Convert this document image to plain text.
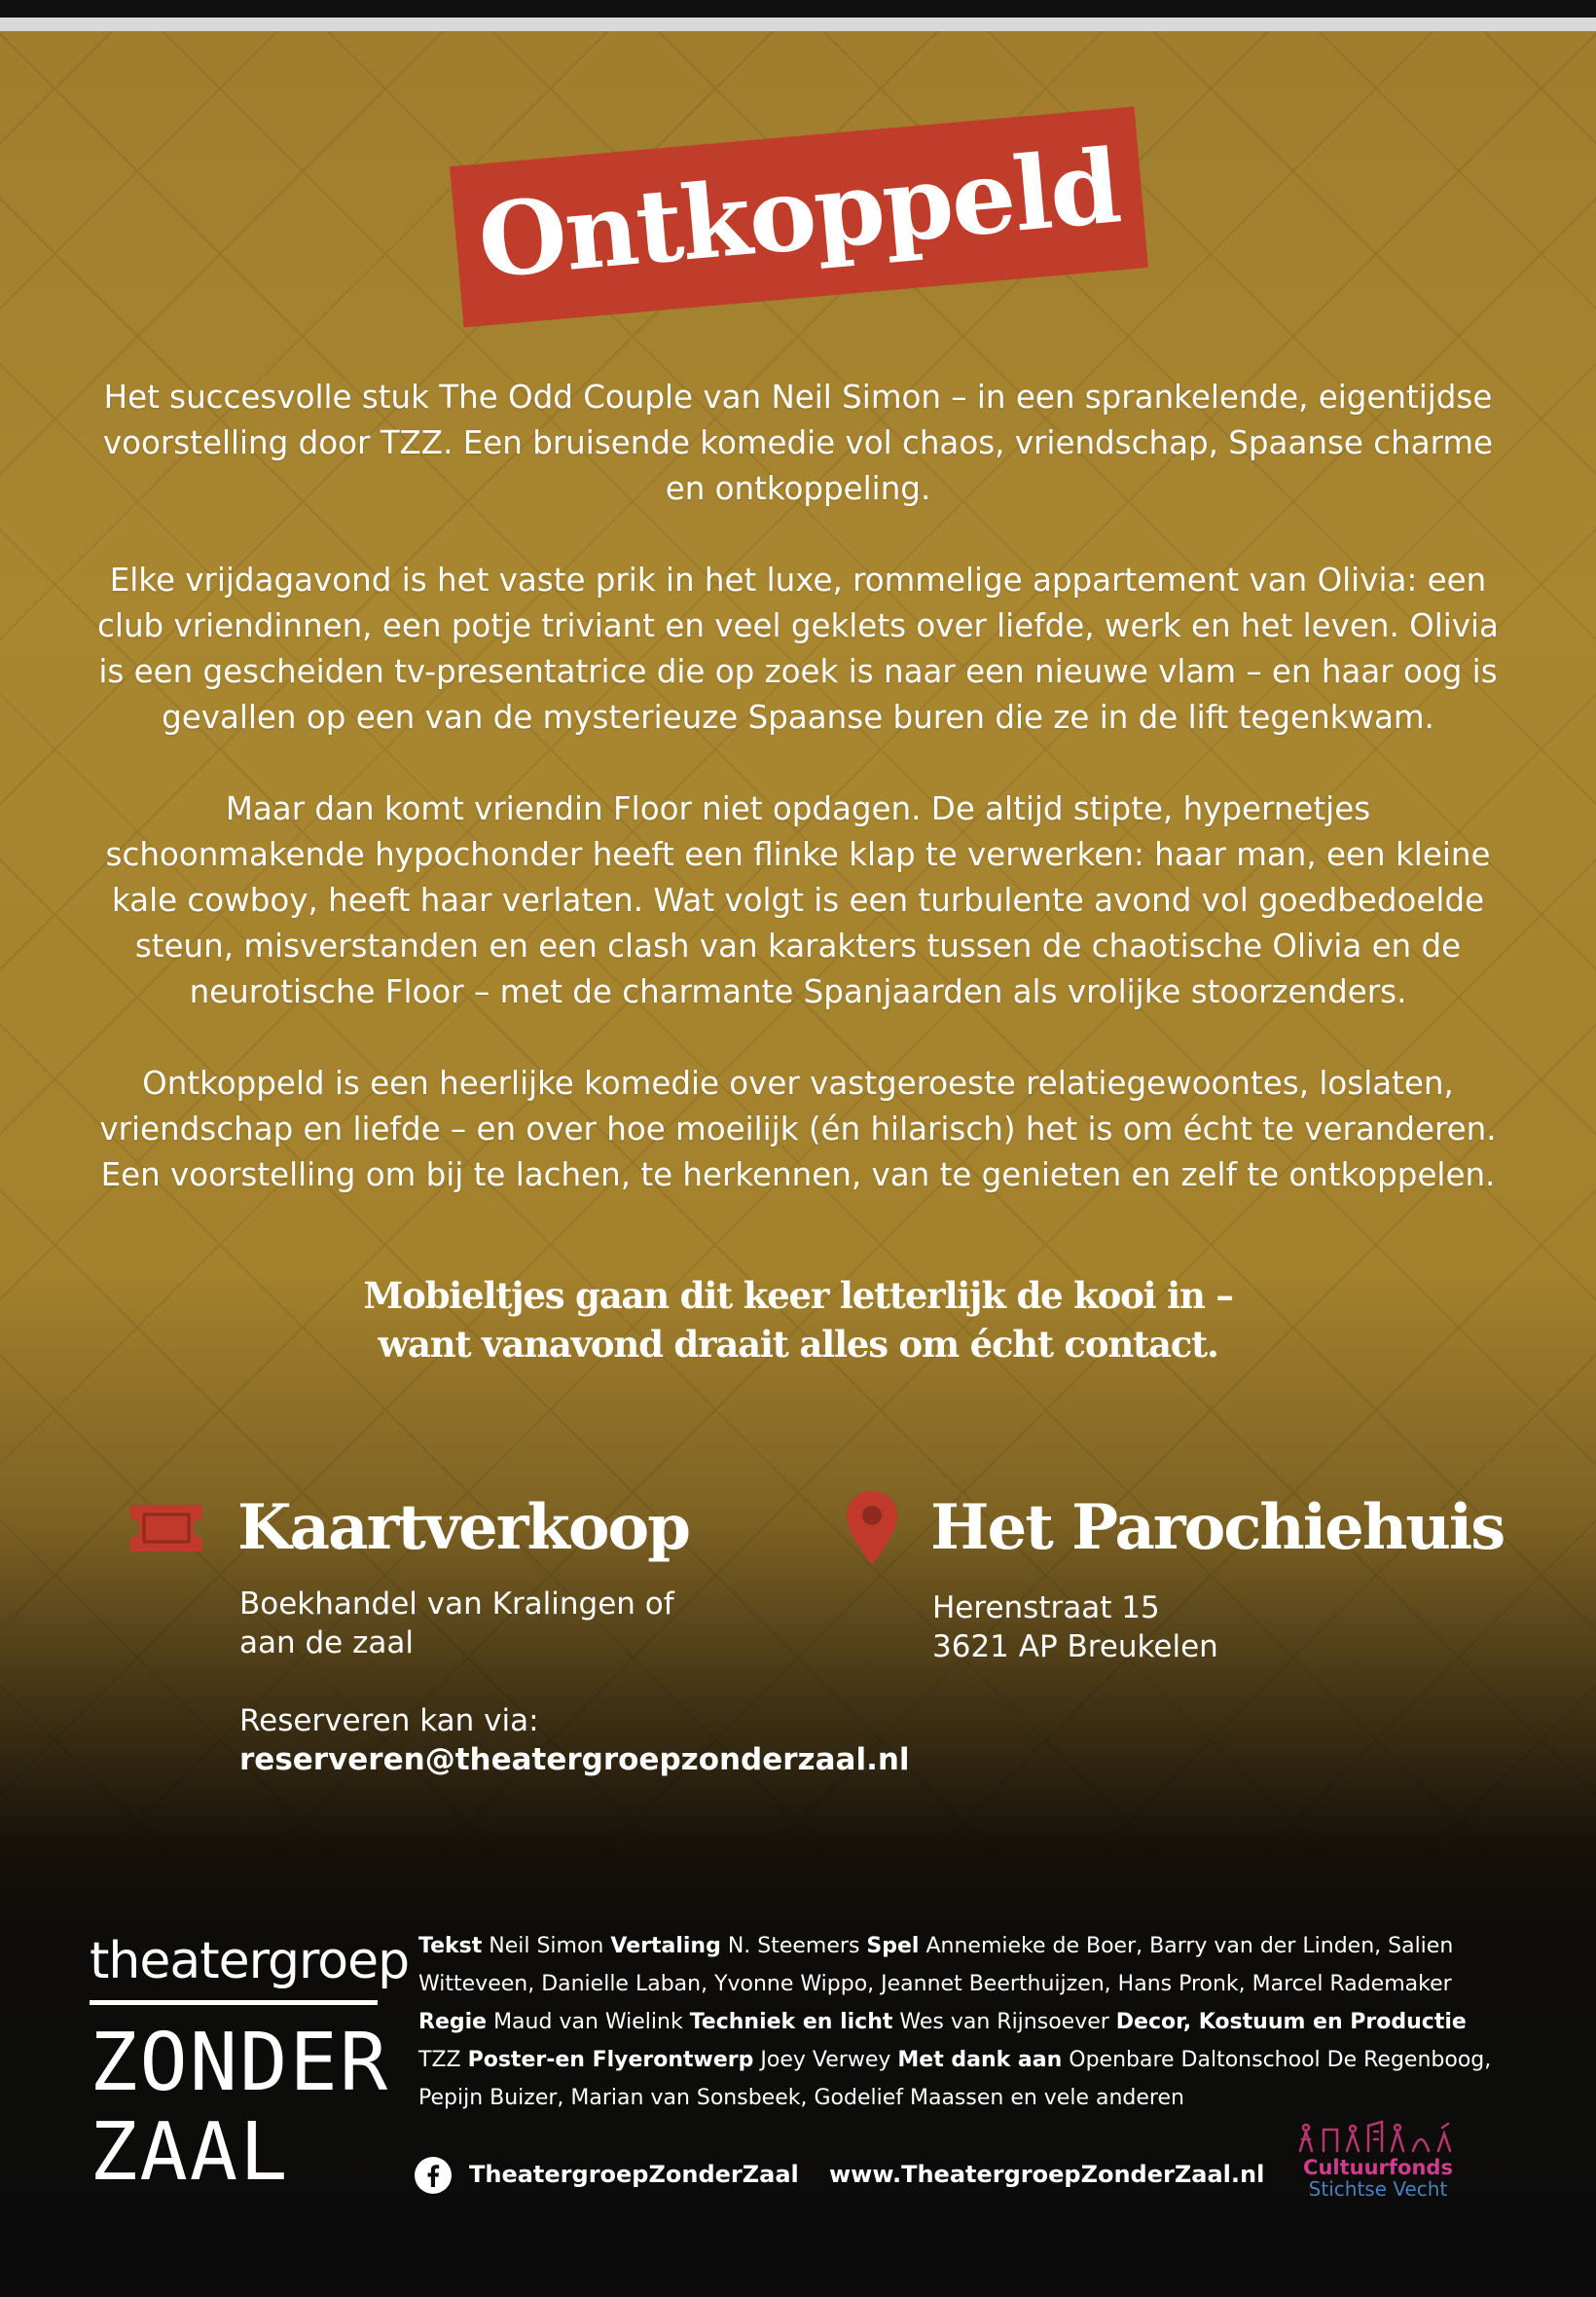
Ontkoppeld

Het succesvolle stuk The Odd Couple van Neil Simon – in een sprankelende, eigentijdse voorstelling door TZZ. Een bruisende komedie vol chaos, vriendschap, Spaanse charme en ontkoppeling.

Elke vrijdagavond is het vaste prik in het luxe, rommelige appartement van Olivia: een club vriendinnen, een potje triviant en veel geklets over liefde, werk en het leven. Olivia is een gescheiden tv-presentatrice die op zoek is naar een nieuwe vlam – en haar oog is gevallen op een van de mysterieuze Spaanse buren die ze in de lift tegenkwam.

Maar dan komt vriendin Floor niet opdagen. De altijd stipte, hypernetjes schoonmakende hypochonder heeft een flinke klap te verwerken: haar man, een kleine kale cowboy, heeft haar verlaten. Wat volgt is een turbulente avond vol goedbedoelde steun, misverstanden en een clash van karakters tussen de chaotische Olivia en de neurotische Floor – met de charmante Spanjaarden als vrolijke stoorzenders.

Ontkoppeld is een heerlijke komedie over vastgeroeste relatiegewoontes, loslaten, vriendschap en liefde – en over hoe moeilijk (én hilarisch) het is om écht te veranderen. Een voorstelling om bij te lachen, te herkennen, van te genieten en zelf te ontkoppelen.

Mobieltjes gaan dit keer letterlijk de kooi in –
want vanavond draait alles om écht contact.
Kaartverkoop
Boekhandel van Kralingen of
aan de zaal
Reserveren kan via:
reserveren@theatergroepzonderzaal.nl
Het Parochiehuis
Herenstraat 15
3621 AP Breukelen
theatergroep
ZONDER
ZAAL
Tekst Neil Simon Vertaling N. Steemers Spel Annemieke de Boer, Barry van der Linden, Salien Witteveen, Danielle Laban, Yvonne Wippo, Jeannet Beerthuijzen, Hans Pronk, Marcel Rademaker Regie Maud van Wielink Techniek en licht Wes van Rijnsoever Decor, Kostuum en Productie TZZ Poster-en Flyerontwerp Joey Verwey Met dank aan Openbare Daltonschool De Regenboog, Pepijn Buizer, Marian van Sonsbeek, Godelief Maassen en vele anderen
TheatergroepZonderZaal www.TheatergroepZonderZaal.nl	Cultuurfonds
Stichtse Vecht
